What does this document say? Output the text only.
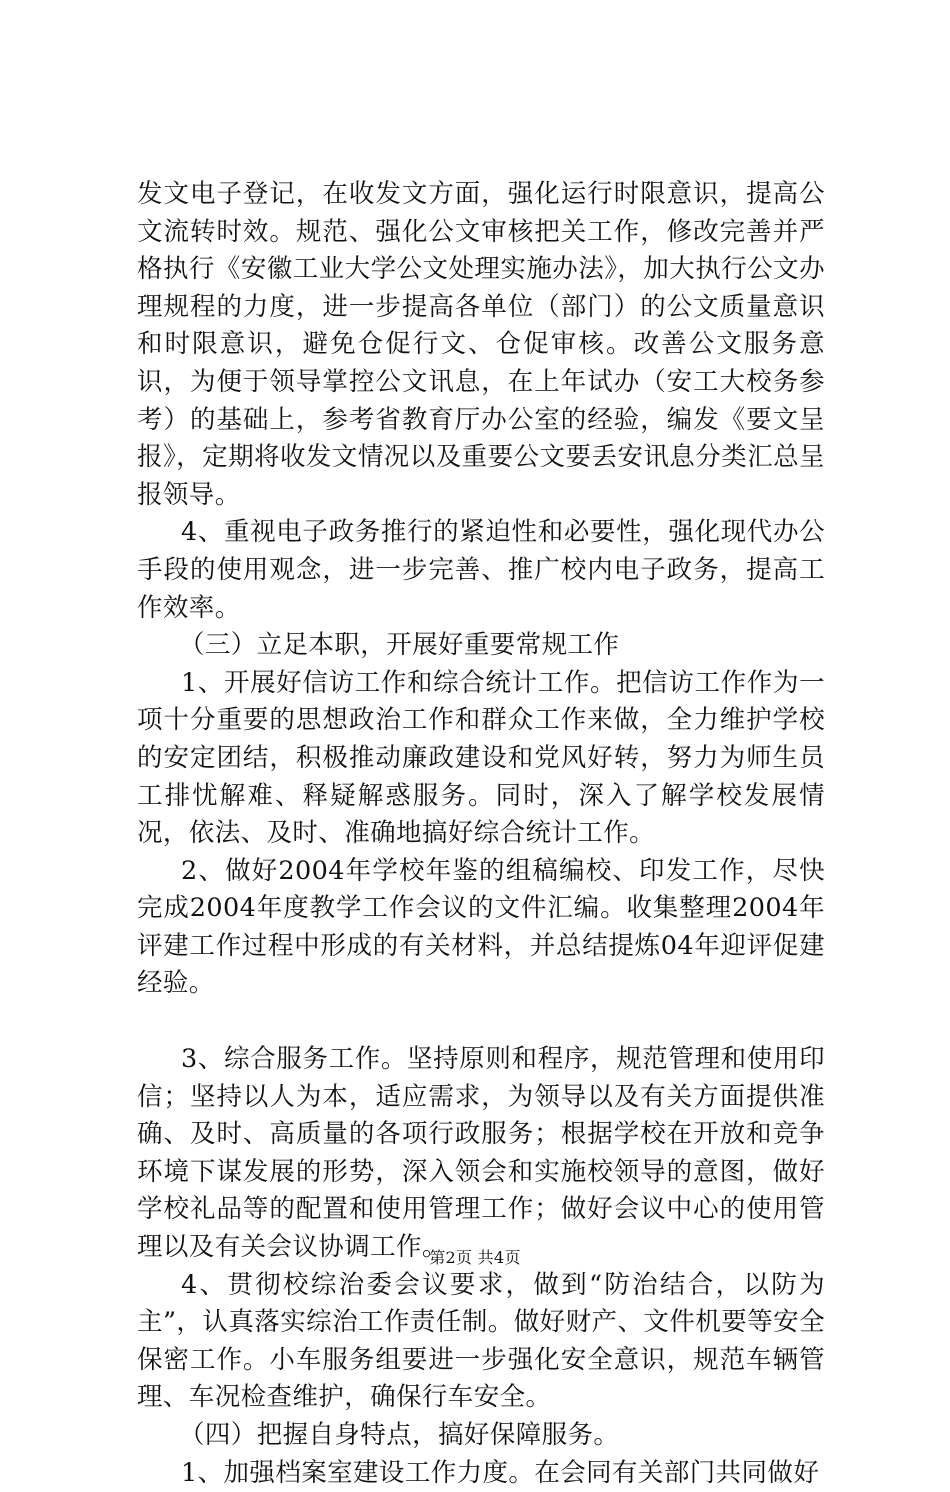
发文电子登记，在收发文方面，强化运行时限意识，提高公文流转时效。规范、强化公文审核把关工作，修改完善并严格执行《安徽工业大学公文处理实施办法》，加大执行公文办理规程的力度，进一步提高各单位（部门）的公文质量意识和时限意识，避免仓促行文、仓促审核。改善公文服务意识，为便于领导掌控公文讯息，在上年试办（安工大校务参考）的基础上，参考省教育厅办公室的经验，编发《要文呈报》，定期将收发文情况以及重要公文要丢安讯息分类汇总呈报领导。

4、重视电子政务推行的紧迫性和必要性，强化现代办公手段的使用观念，进一步完善、推广校内电子政务，提高工作效率。

（三）立足本职，开展好重要常规工作

1、开展好信访工作和综合统计工作。把信访工作作为一项十分重要的思想政治工作和群众工作来做，全力维护学校的安定团结，积极推动廉政建设和党风好转，努力为师生员工排忧解难、释疑解惑服务。同时，深入了解学校发展情况，依法、及时、准确地搞好综合统计工作。

2、做好2004年学校年鉴的组稿编校、印发工作，尽快完成2004年度教学工作会议的文件汇编。收集整理2004年评建工作过程中形成的有关材料，并总结提炼04年迎评促建经验。

3、综合服务工作。坚持原则和程序，规范管理和使用印信；坚持以人为本，适应需求，为领导以及有关方面提供准确、及时、高质量的各项行政服务；根据学校在开放和竞争环境下谋发展的形势，深入领会和实施校领导的意图，做好学校礼品等的配置和使用管理工作；做好会议中心的使用管理以及有关会议协调工作。

4、贯彻校综治委会议要求，做到“防治结合，以防为主”，认真落实综治工作责任制。做好财产、文件机要等安全保密工作。小车服务组要进一步强化安全意识，规范车辆管理、车况检查维护，确保行车安全。

（四）把握自身特点，搞好保障服务。

1、加强档案室建设工作力度。在会同有关部门共同做好

第2页 共4页
